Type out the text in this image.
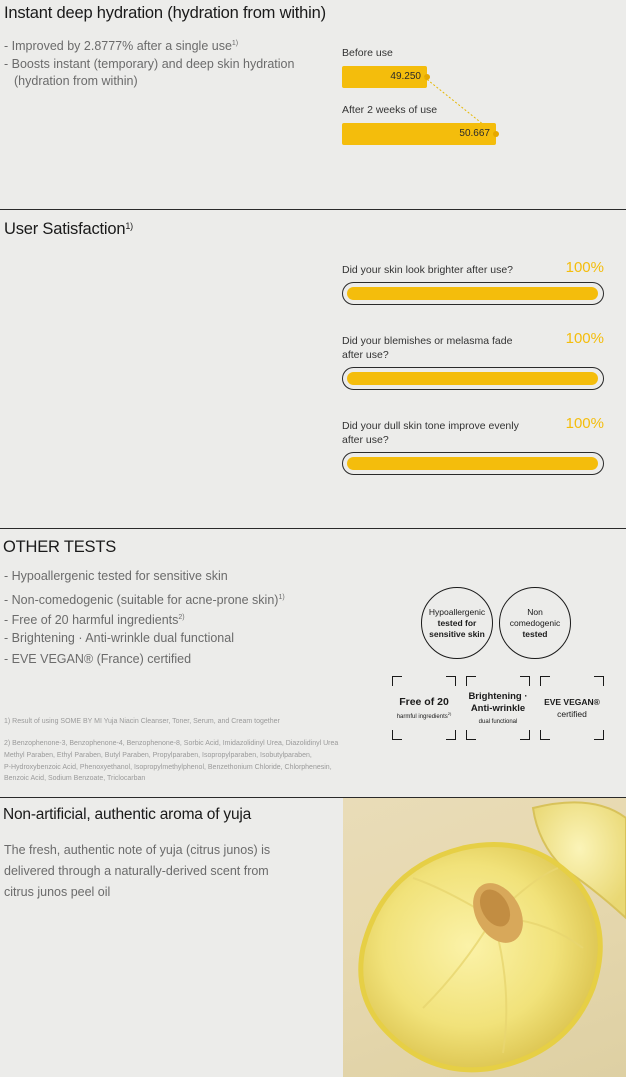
Instant deep hydration (hydration from within)
- Improved by 2.8777% after a single use$^{1)}$
- Boosts instant (temporary) and deep skin hydration
(hydration from within)
Before use
49.250
After 2 weeks of use
50.667
User Satisfaction$^{1)}$
Did your skin look brighter after use?	100%
Did your blemishes or melasma fade
after use?
100%
Did your dull skin tone improve evenly
after use?
100%
OTHER TESTS
- Hypoallergenic tested for sensitive skin
- Non-comedogenic (suitable for acne-prone skin)$^{1)}$
- Free of 20 harmful ingredients$^{2)}$
- Brightening · Anti-wrinkle dual functional
- EVE VEGAN® (France) certified
Hypoallergenic
tested for
sensitive skin
Non
comedogenic
tested
Free of 20
harmful ingredients$^{2)}$
Brightening ·
Anti-wrinkle
dual functional
EVE VEGAN®
certified
1) Result of using SOME BY MI Yuja Niacin Cleanser, Toner, Serum, and Cream together
2) Benzophenone-3, Benzophenone-4, Benzophenone-8, Sorbic Acid, Imidazolidinyl Urea, Diazolidinyl Urea
Methyl Paraben, Ethyl Paraben, Butyl Paraben, Propylparaben, Isopropylparaben, Isobutylparaben,
P-Hydroxybenzoic Acid, Phenoxyethanol, Isopropylmethylphenol, Benzethonium Chloride, Chlorphenesin,
Benzoic Acid, Sodium Benzoate, Triclocarban
Non-artificial, authentic aroma of yuja
The fresh, authentic note of yuja (citrus junos) is
delivered through a naturally-derived scent from
citrus junos peel oil
